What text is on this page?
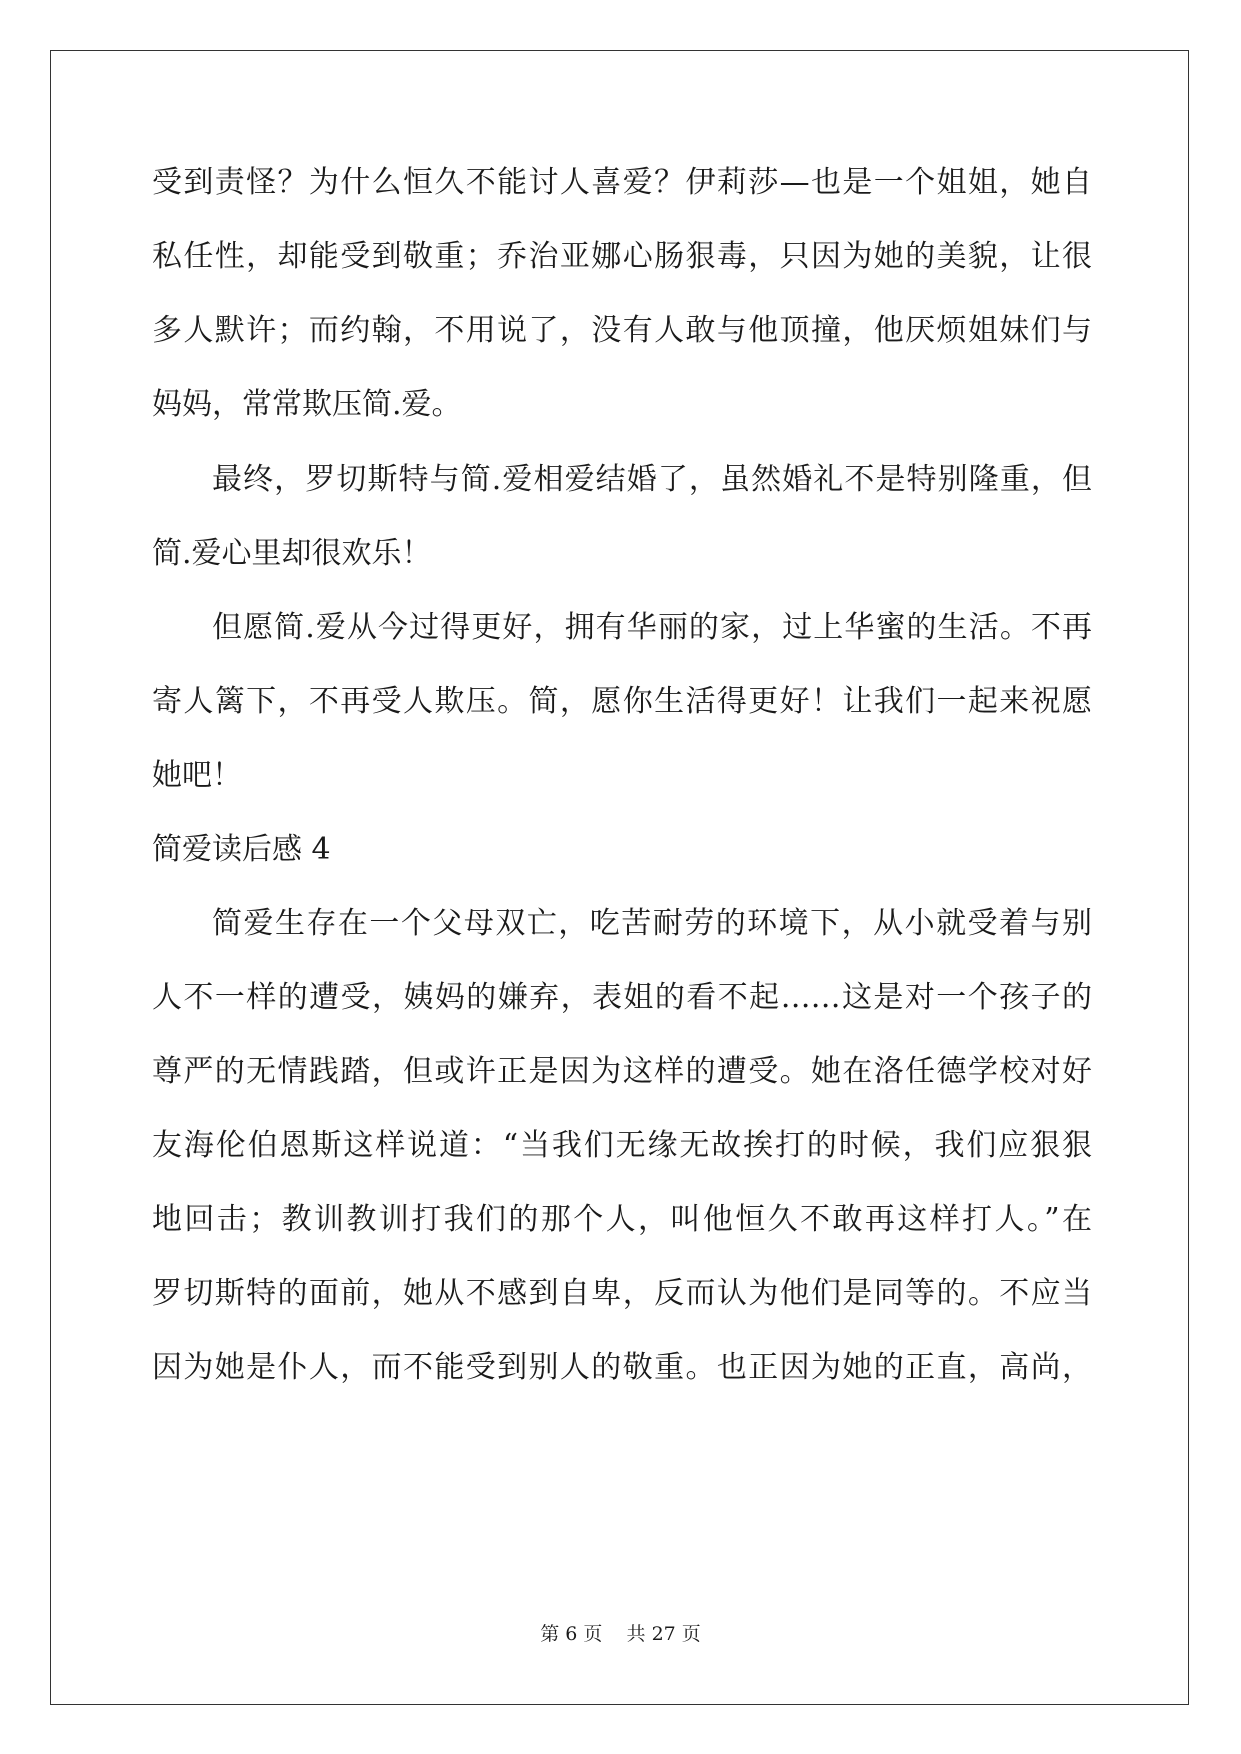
受到责怪？为什么恒久不能讨人喜爱？伊莉莎—也是一个姐姐，她自
私任性，却能受到敬重；乔治亚娜心肠狠毒，只因为她的美貌，让很
多人默许；而约翰，不用说了，没有人敢与他顶撞，他厌烦姐妹们与
妈妈，常常欺压简.爱。
最终，罗切斯特与简.爱相爱结婚了，虽然婚礼不是特别隆重，但
简.爱心里却很欢乐！
但愿简.爱从今过得更好，拥有华丽的家，过上华蜜的生活。不再
寄人篱下，不再受人欺压。简，愿你生活得更好！让我们一起来祝愿
她吧！
简爱读后感 4
简爱生存在一个父母双亡，吃苦耐劳的环境下，从小就受着与别
人不一样的遭受，姨妈的嫌弃，表姐的看不起……这是对一个孩子的
尊严的无情践踏，但或许正是因为这样的遭受。她在洛任德学校对好
友海伦伯恩斯这样说道：“当我们无缘无故挨打的时候，我们应狠狠
地回击；教训教训打我们的那个人，叫他恒久不敢再这样打人。”在
罗切斯特的面前，她从不感到自卑，反而认为他们是同等的。不应当
因为她是仆人，而不能受到别人的敬重。也正因为她的正直，高尚，
第 6 页 共 27 页
